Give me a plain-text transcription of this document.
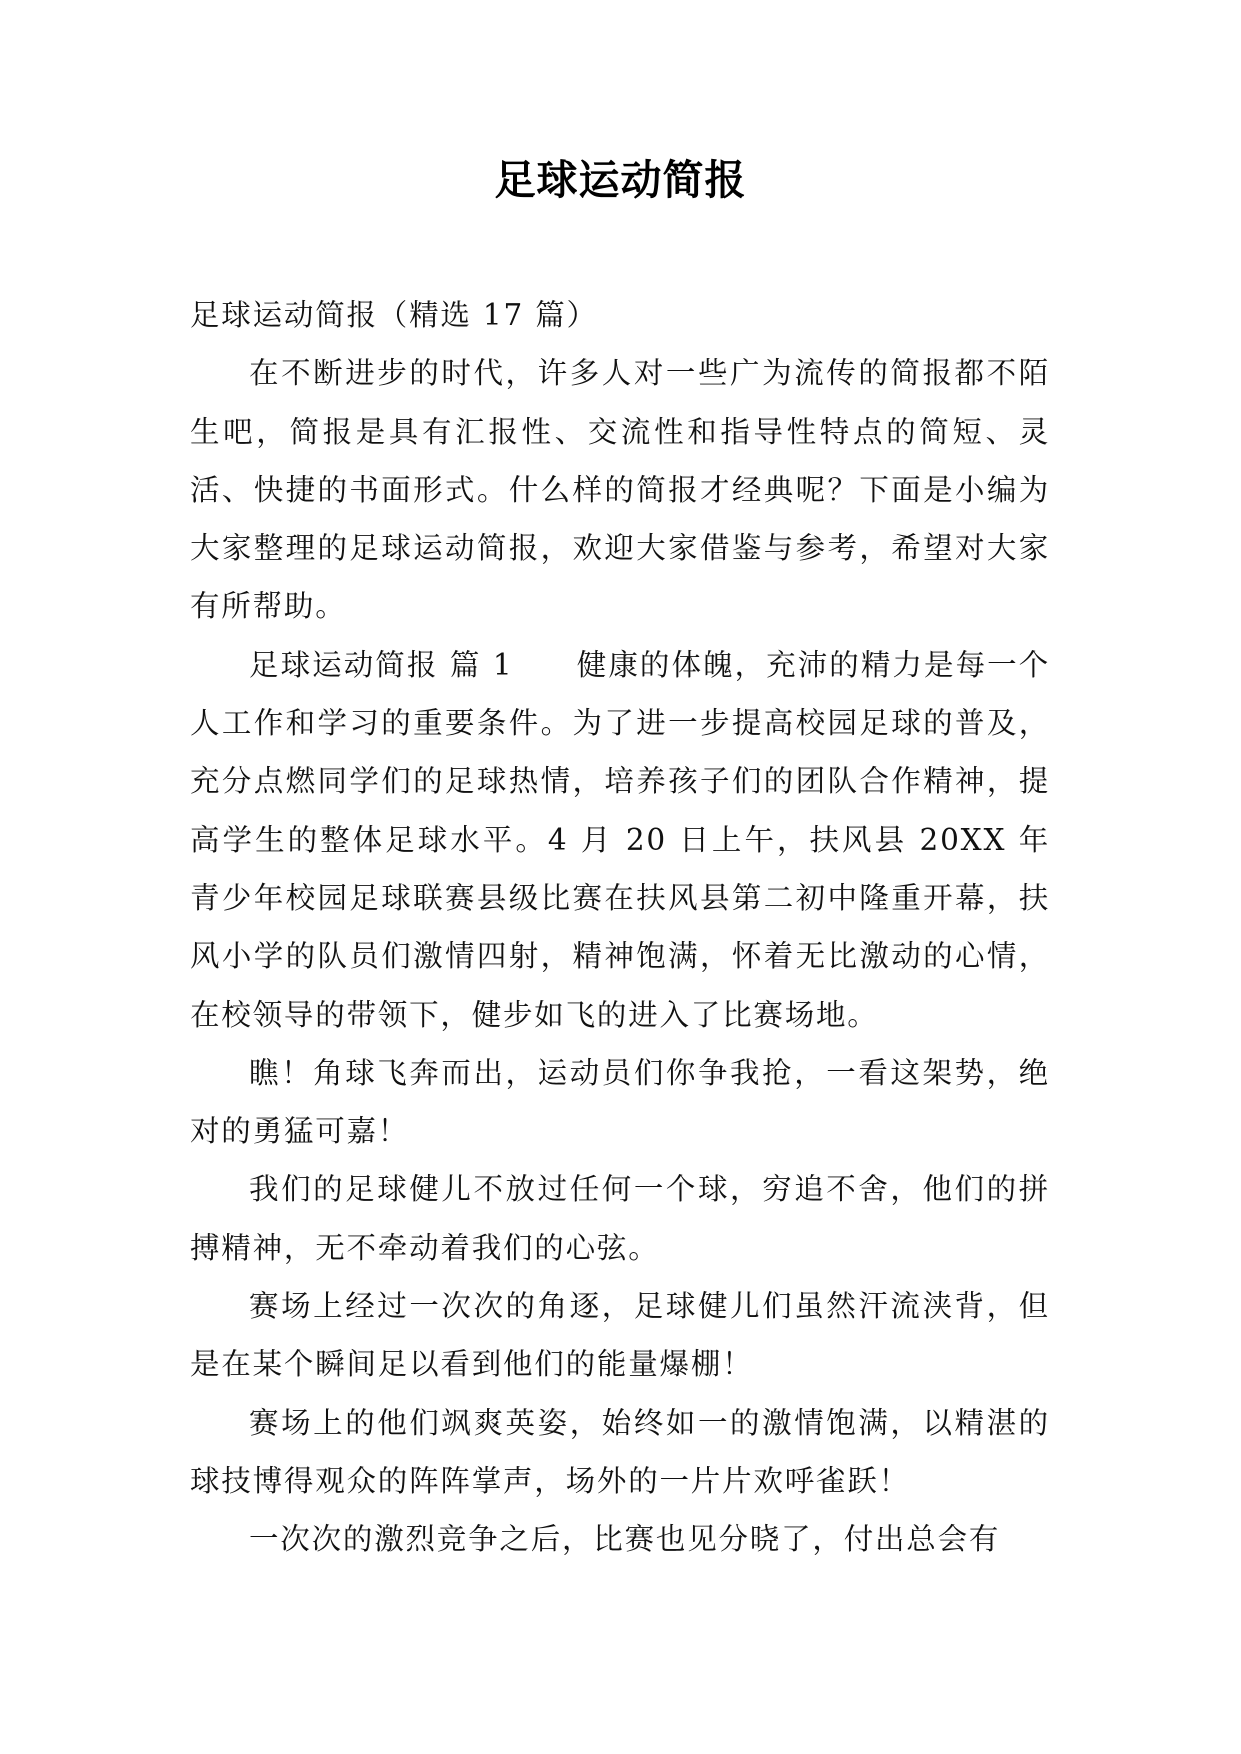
足球运动简报

足球运动简报（精选 17 篇）

在不断进步的时代，许多人对一些广为流传的简报都不陌生吧，简报是具有汇报性、交流性和指导性特点的简短、灵活、快捷的书面形式。什么样的简报才经典呢？下面是小编为大家整理的足球运动简报，欢迎大家借鉴与参考，希望对大家有所帮助。

足球运动简报 篇 1　　健康的体魄，充沛的精力是每一个人工作和学习的重要条件。为了进一步提高校园足球的普及，充分点燃同学们的足球热情，培养孩子们的团队合作精神，提高学生的整体足球水平。4 月 20 日上午，扶风县 20XX 年青少年校园足球联赛县级比赛在扶风县第二初中隆重开幕，扶风小学的队员们激情四射，精神饱满，怀着无比激动的心情，在校领导的带领下，健步如飞的进入了比赛场地。

瞧！角球飞奔而出，运动员们你争我抢，一看这架势，绝对的勇猛可嘉！

我们的足球健儿不放过任何一个球，穷追不舍，他们的拼搏精神，无不牵动着我们的心弦。

赛场上经过一次次的角逐，足球健儿们虽然汗流浃背，但是在某个瞬间足以看到他们的能量爆棚！

赛场上的他们飒爽英姿，始终如一的激情饱满，以精湛的球技博得观众的阵阵掌声，场外的一片片欢呼雀跃！

一次次的激烈竞争之后，比赛也见分晓了，付出总会有
